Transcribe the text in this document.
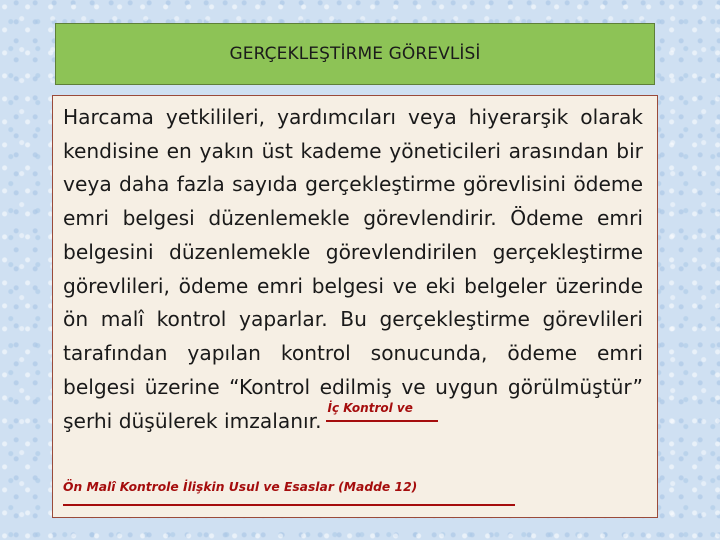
GERÇEKLEŞTİRME GÖREVLİSİ

Harcama yetkilileri, yardımcıları veya hiyerarşik olarak kendisine en yakın üst kademe yöneticileri arasından bir veya daha fazla sayıda gerçekleştirme görevlisini ödeme emri belgesi düzenlemekle görevlendirir. Ödeme emri belgesini düzenlemekle görevlendirilen gerçekleştirme görevlileri, ödeme emri belgesi ve eki belgeler üzerinde ön malî kontrol yaparlar. Bu gerçekleştirme görevlileri tarafından yapılan kontrol sonucunda, ödeme emri belgesi üzerine “Kontrol edilmiş ve uygun görülmüştür” şerhi düşülerek imzalanır.
İç Kontrol ve

Ön Malî Kontrole İlişkin Usul ve Esaslar (Madde 12)
